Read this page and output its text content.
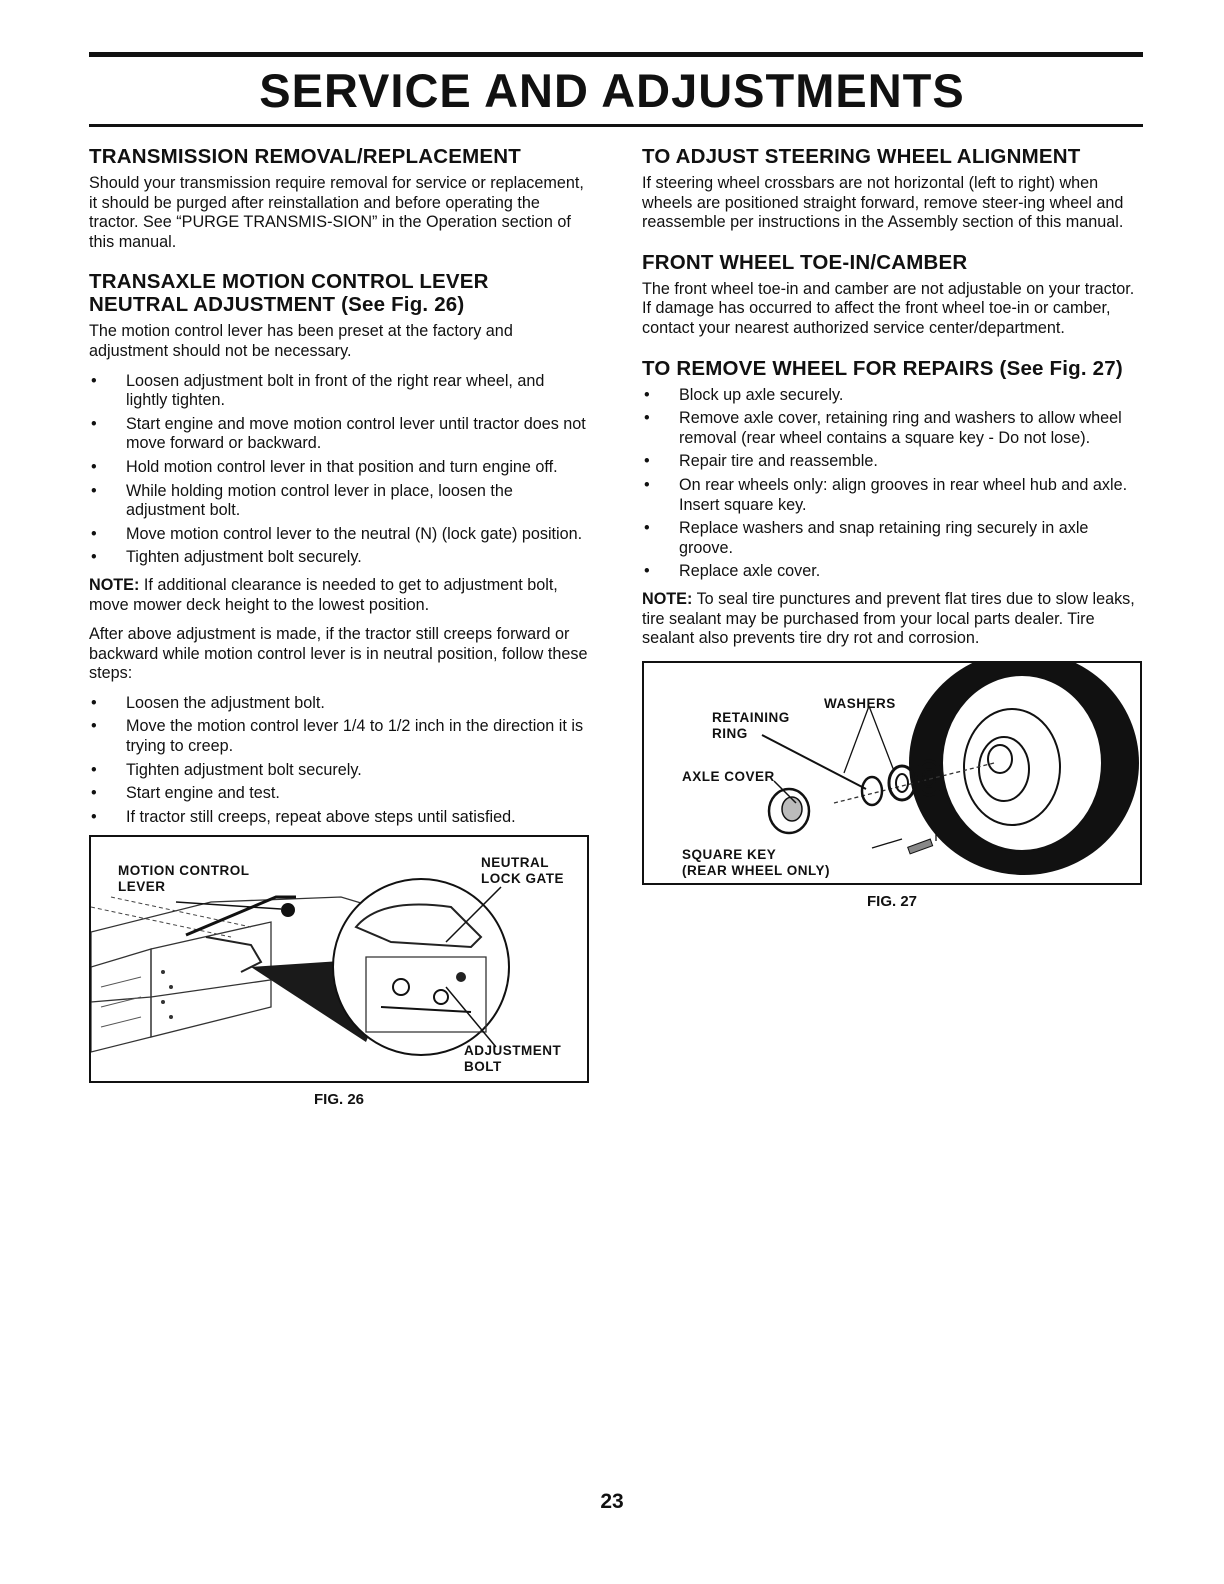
SERVICE AND ADJUSTMENTS
TRANSMISSION REMOVAL/REPLACEMENT

Should your transmission require removal for service or replacement, it should be purged after reinstallation and before operating the tractor. See “PURGE TRANSMIS-SION” in the Operation section of this manual.

TRANSAXLE MOTION CONTROL LEVER NEUTRAL ADJUSTMENT (See Fig. 26)

The motion control lever has been preset at the factory and adjustment should not be necessary.

• Loosen adjustment bolt in front of the right rear wheel, and lightly tighten.
• Start engine and move motion control lever until tractor does not move forward or backward.
• Hold motion control lever in that position and turn engine off.
• While holding motion control lever in place, loosen the adjustment bolt.
• Move motion control lever to the neutral (N) (lock gate) position.
• Tighten adjustment bolt securely.

NOTE: If additional clearance is needed to get to adjustment bolt, move mower deck height to the lowest position.

After above adjustment is made, if the tractor still creeps forward or backward while motion control lever is in neutral position, follow these steps:

• Loosen the adjustment bolt.
• Move the motion control lever 1/4 to 1/2 inch in the direction it is trying to creep.
• Tighten adjustment bolt securely.
• Start engine and test.
• If tractor still creeps, repeat above steps until satisfied.
MOTION CONTROL
LEVER
NEUTRAL
LOCK GATE
ADJUSTMENT
BOLT
FIG. 26
TO ADJUST STEERING WHEEL ALIGNMENT

If steering wheel crossbars are not horizontal (left to right) when wheels are positioned straight forward, remove steer-ing wheel and reassemble per instructions in the Assembly section of this manual.

FRONT WHEEL TOE-IN/CAMBER

The front wheel toe-in and camber are not adjustable on your tractor. If damage has occurred to affect the front wheel toe-in or camber, contact your nearest authorized service center/department.

TO REMOVE WHEEL FOR REPAIRS (See Fig. 27)
• Block up axle securely.
• Remove axle cover, retaining ring and washers to allow wheel removal (rear wheel contains a square key - Do not lose).
• Repair tire and reassemble.
• On rear wheels only: align grooves in rear wheel hub and axle. Insert square key.
• Replace washers and snap retaining ring securely in axle groove.
• Replace axle cover.

NOTE: To seal tire punctures and prevent flat tires due to slow leaks, tire sealant may be purchased from your local parts dealer. Tire sealant also prevents tire dry rot and corrosion.

WASHERS
RETAINING
RING
AXLE COVER
SQUARE KEY
(REAR WHEEL ONLY)
FIG. 27
23
